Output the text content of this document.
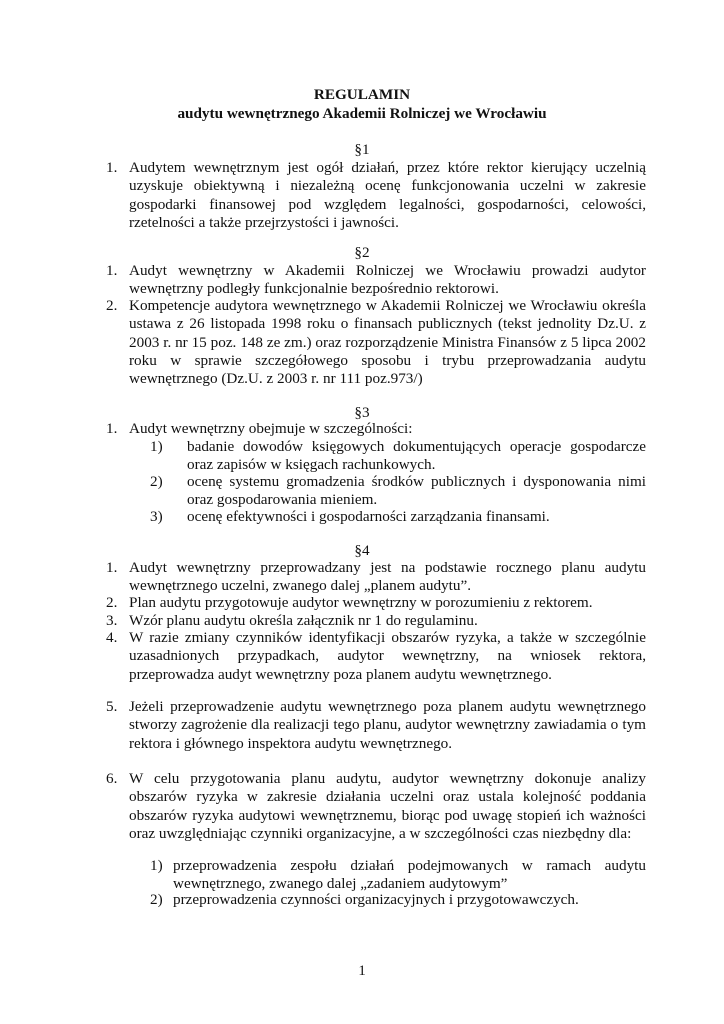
REGULAMIN
audytu wewnętrznego Akademii Rolniczej we Wrocławiu
§1
1. Audytem wewnętrznym jest ogół działań, przez które rektor kierujący uczelnią uzyskuje obiektywną i niezależną ocenę funkcjonowania uczelni w zakresie gospodarki finansowej pod względem legalności, gospodarności, celowości, rzetelności a także przejrzystości i jawności.
§2
1. Audyt wewnętrzny w Akademii Rolniczej we Wrocławiu prowadzi audytor wewnętrzny podległy funkcjonalnie bezpośrednio rektorowi.
2. Kompetencje audytora wewnętrznego w Akademii Rolniczej we Wrocławiu określa ustawa z 26 listopada 1998 roku o finansach publicznych (tekst jednolity Dz.U. z 2003 r. nr 15 poz. 148 ze zm.) oraz rozporządzenie Ministra Finansów z 5 lipca 2002 roku w sprawie szczegółowego sposobu i trybu przeprowadzania audytu wewnętrznego (Dz.U. z 2003 r. nr 111 poz.973/)
§3
1. Audyt wewnętrzny obejmuje w szczególności:
1) badanie dowodów księgowych dokumentujących operacje gospodarcze oraz zapisów w księgach rachunkowych.
2) ocenę systemu gromadzenia środków publicznych i dysponowania nimi oraz gospodarowania mieniem.
3) ocenę efektywności i gospodarności zarządzania finansami.
§4
1. Audyt wewnętrzny przeprowadzany jest na podstawie rocznego planu audytu wewnętrznego uczelni, zwanego dalej „planem audytu”.
2. Plan audytu przygotowuje audytor wewnętrzny w porozumieniu z rektorem.
3. Wzór planu audytu określa załącznik nr 1 do regulaminu.
4. W razie zmiany czynników identyfikacji obszarów ryzyka, a także w szczególnie uzasadnionych przypadkach, audytor wewnętrzny, na wniosek rektora, przeprowadza audyt wewnętrzny poza planem audytu wewnętrznego.
5. Jeżeli przeprowadzenie audytu wewnętrznego poza planem audytu wewnętrznego stworzy zagrożenie dla realizacji tego planu, audytor wewnętrzny zawiadamia o tym rektora i głównego inspektora audytu wewnętrznego.
6. W celu przygotowania planu audytu, audytor wewnętrzny dokonuje analizy obszarów ryzyka w zakresie działania uczelni oraz ustala kolejność poddania obszarów ryzyka audytowi wewnętrznemu, biorąc pod uwagę stopień ich ważności oraz uwzględniając czynniki organizacyjne, a w szczególności czas niezbędny dla:
1) przeprowadzenia zespołu działań podejmowanych w ramach audytu wewnętrznego, zwanego dalej „zadaniem audytowym”
2) przeprowadzenia czynności organizacyjnych i przygotowawczych.
1
